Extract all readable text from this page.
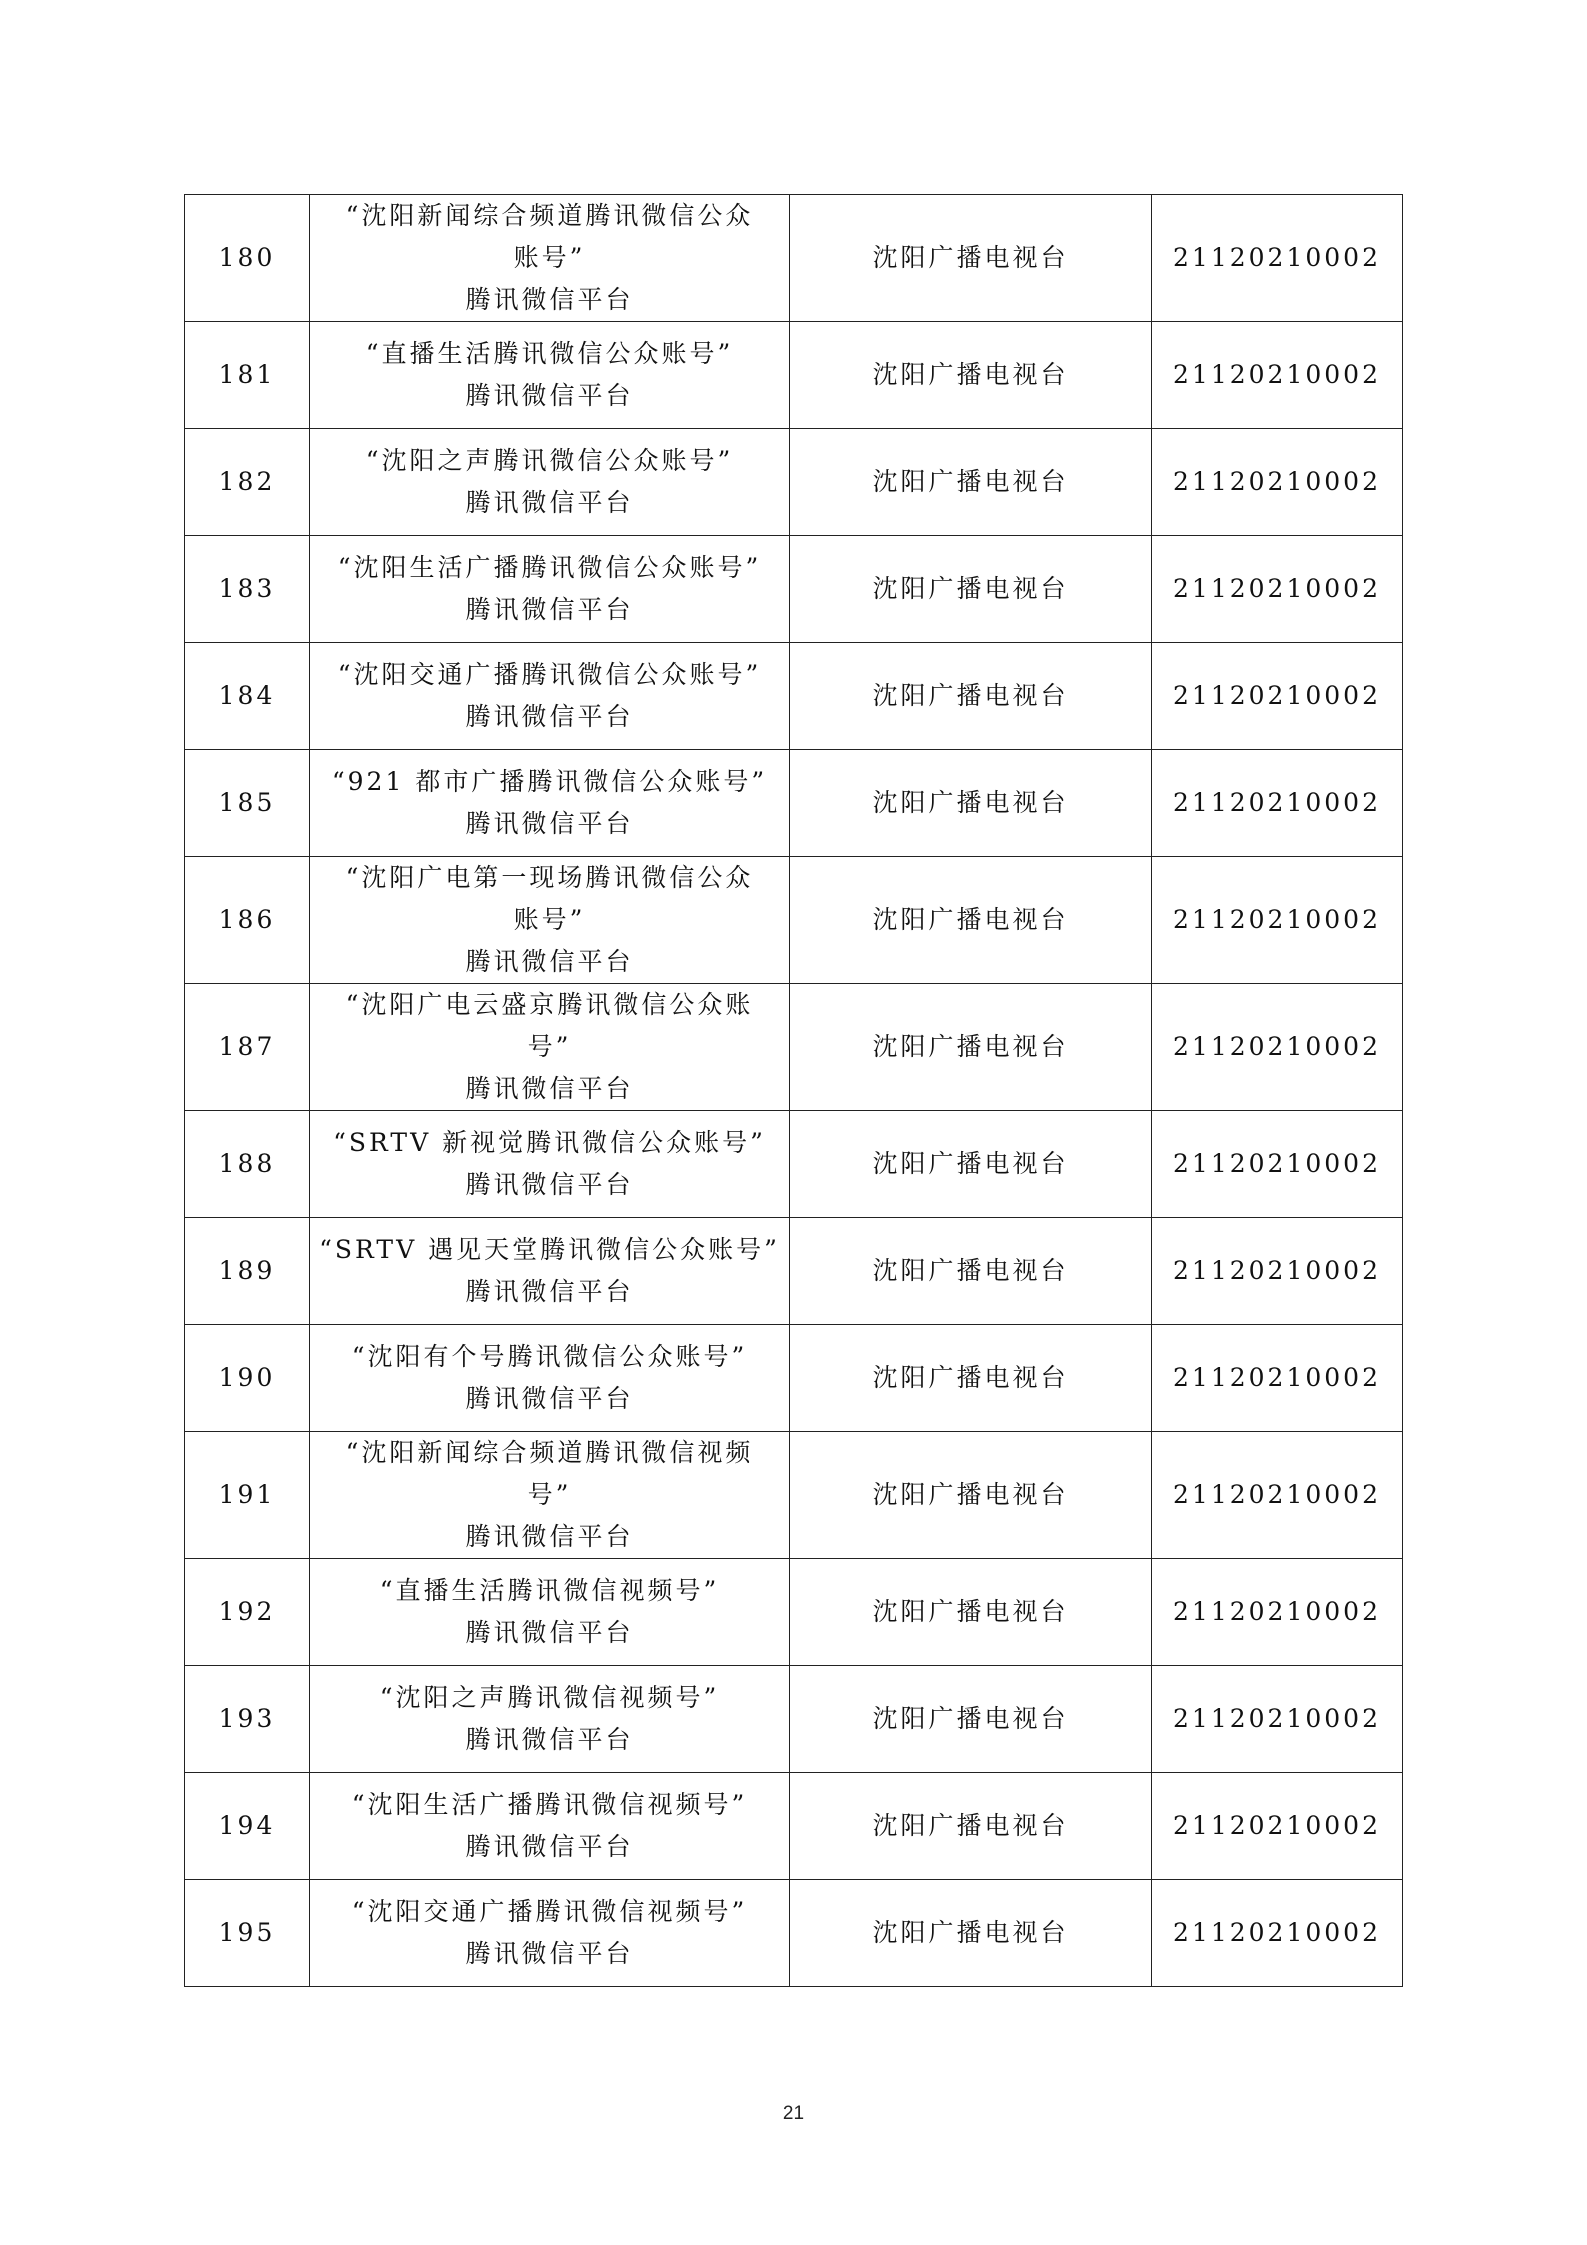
180	“沈阳新闻综合频道腾讯微信公众
账号”
腾讯微信平台	沈阳广播电视台	21120210002
181	“直播生活腾讯微信公众账号”
腾讯微信平台	沈阳广播电视台	21120210002
182	“沈阳之声腾讯微信公众账号”
腾讯微信平台	沈阳广播电视台	21120210002
183	“沈阳生活广播腾讯微信公众账号”
腾讯微信平台	沈阳广播电视台	21120210002
184	“沈阳交通广播腾讯微信公众账号”
腾讯微信平台	沈阳广播电视台	21120210002
185	“921 都市广播腾讯微信公众账号”
腾讯微信平台	沈阳广播电视台	21120210002
186	“沈阳广电第一现场腾讯微信公众
账号”
腾讯微信平台	沈阳广播电视台	21120210002
187	“沈阳广电云盛京腾讯微信公众账
号”
腾讯微信平台	沈阳广播电视台	21120210002
188	“SRTV 新视觉腾讯微信公众账号”
腾讯微信平台	沈阳广播电视台	21120210002
189	“SRTV 遇见天堂腾讯微信公众账号”
腾讯微信平台	沈阳广播电视台	21120210002
190	“沈阳有个号腾讯微信公众账号”
腾讯微信平台	沈阳广播电视台	21120210002
191	“沈阳新闻综合频道腾讯微信视频
号”
腾讯微信平台	沈阳广播电视台	21120210002
192	“直播生活腾讯微信视频号”
腾讯微信平台	沈阳广播电视台	21120210002
193	“沈阳之声腾讯微信视频号”
腾讯微信平台	沈阳广播电视台	21120210002
194	“沈阳生活广播腾讯微信视频号”
腾讯微信平台	沈阳广播电视台	21120210002
195	“沈阳交通广播腾讯微信视频号”
腾讯微信平台	沈阳广播电视台	21120210002
21
